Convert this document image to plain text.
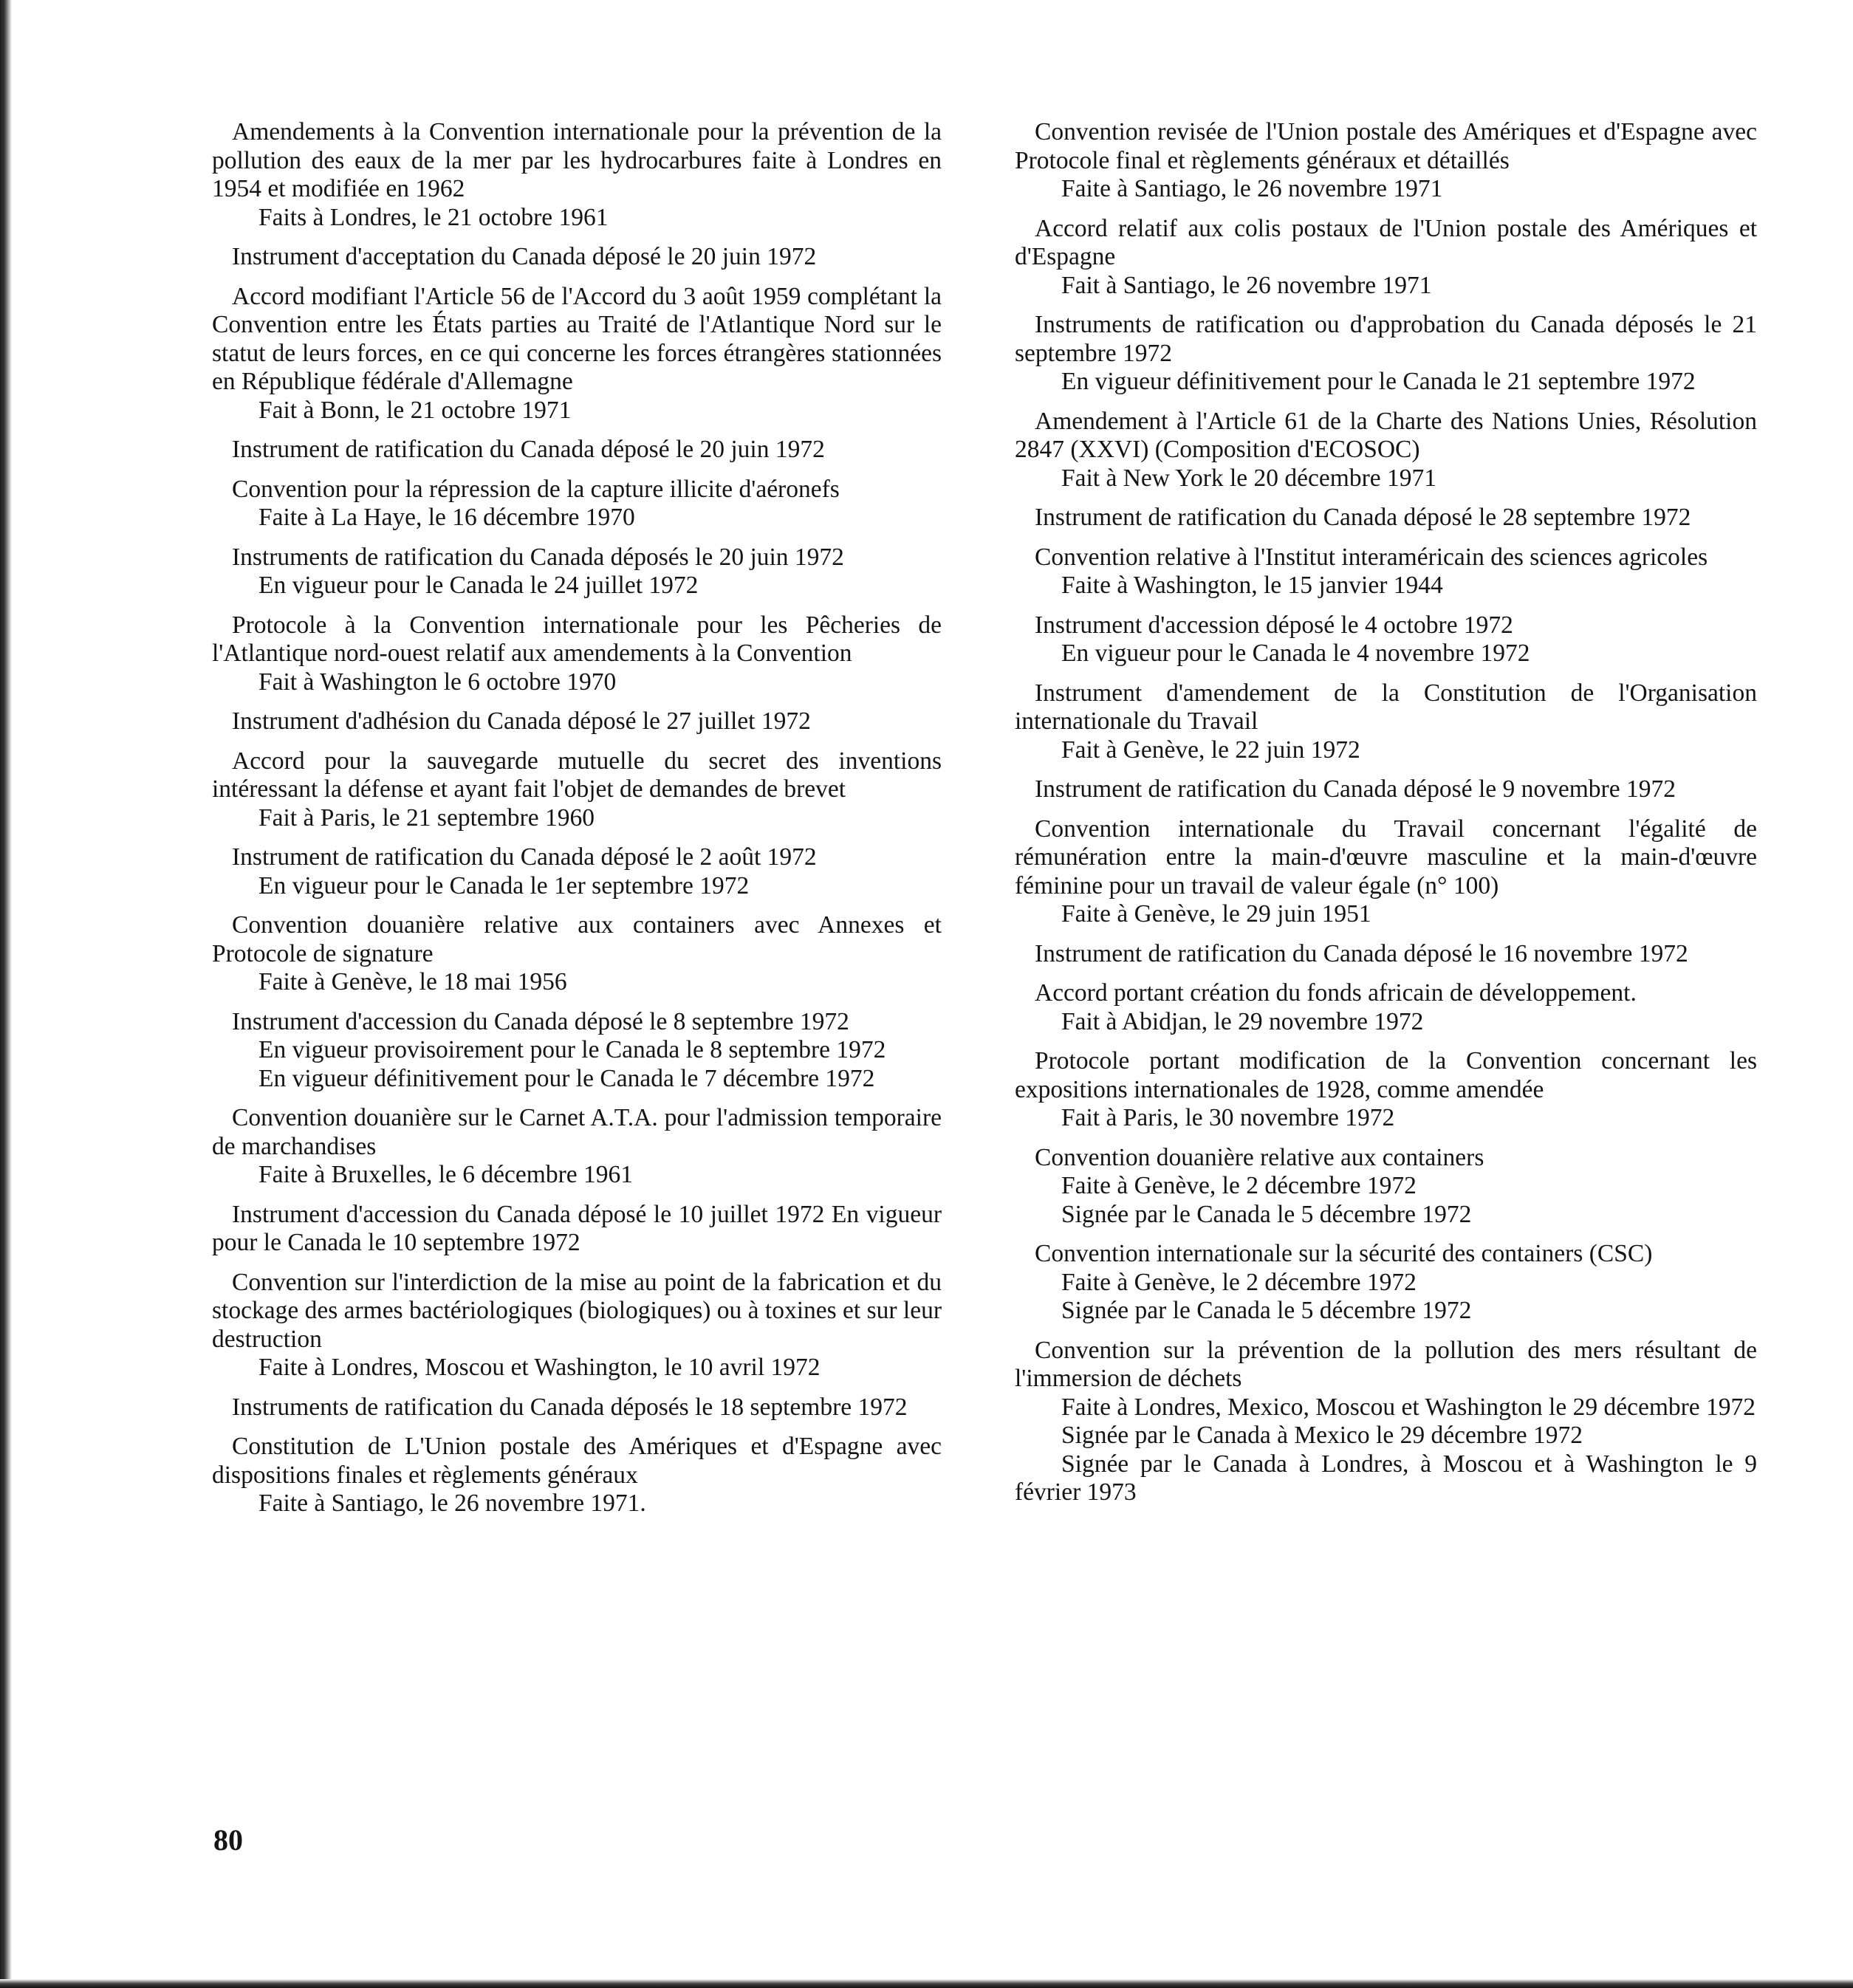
Amendements à la Convention internationale pour la prévention de la pollution des eaux de la mer par les hydrocarbures faite à Londres en 1954 et modifiée en 1962

Faits à Londres, le 21 octobre 1961

Instrument d'acceptation du Canada déposé le 20 juin 1972

Accord modifiant l'Article 56 de l'Accord du 3 août 1959 complétant la Convention entre les États parties au Traité de l'Atlantique Nord sur le statut de leurs forces, en ce qui concerne les forces étrangères stationnées en République fédérale d'Allemagne

Fait à Bonn, le 21 octobre 1971

Instrument de ratification du Canada déposé le 20 juin 1972

Convention pour la répression de la capture illicite d'aéronefs

Faite à La Haye, le 16 décembre 1970

Instruments de ratification du Canada déposés le 20 juin 1972

En vigueur pour le Canada le 24 juillet 1972

Protocole à la Convention internationale pour les Pêcheries de l'Atlantique nord-ouest relatif aux amendements à la Convention

Fait à Washington le 6 octobre 1970

Instrument d'adhésion du Canada déposé le 27 juillet 1972

Accord pour la sauvegarde mutuelle du secret des inventions intéressant la défense et ayant fait l'objet de demandes de brevet

Fait à Paris, le 21 septembre 1960

Instrument de ratification du Canada déposé le 2 août 1972

En vigueur pour le Canada le 1er septembre 1972

Convention douanière relative aux containers avec Annexes et Protocole de signature

Faite à Genève, le 18 mai 1956

Instrument d'accession du Canada déposé le 8 septembre 1972

En vigueur provisoirement pour le Canada le 8 septembre 1972

En vigueur définitivement pour le Canada le 7 décembre 1972

Convention douanière sur le Carnet A.T.A. pour l'admission temporaire de marchandises

Faite à Bruxelles, le 6 décembre 1961

Instrument d'accession du Canada déposé le 10 juillet 1972 En vigueur pour le Canada le 10 septembre 1972

Convention sur l'interdiction de la mise au point de la fabrication et du stockage des armes bactériologiques (biologiques) ou à toxines et sur leur destruction

Faite à Londres, Moscou et Washington, le 10 avril 1972

Instruments de ratification du Canada déposés le 18 septembre 1972

Constitution de L'Union postale des Amériques et d'Espagne avec dispositions finales et règlements généraux

Faite à Santiago, le 26 novembre 1971.

Convention revisée de l'Union postale des Amériques et d'Espagne avec Protocole final et règlements généraux et détaillés

Faite à Santiago, le 26 novembre 1971

Accord relatif aux colis postaux de l'Union postale des Amériques et d'Espagne

Fait à Santiago, le 26 novembre 1971

Instruments de ratification ou d'approbation du Canada déposés le 21 septembre 1972

En vigueur définitivement pour le Canada le 21 septembre 1972

Amendement à l'Article 61 de la Charte des Nations Unies, Résolution 2847 (XXVI) (Composition d'ECOSOC)

Fait à New York le 20 décembre 1971

Instrument de ratification du Canada déposé le 28 septembre 1972

Convention relative à l'Institut interaméricain des sciences agricoles

Faite à Washington, le 15 janvier 1944

Instrument d'accession déposé le 4 octobre 1972

En vigueur pour le Canada le 4 novembre 1972

Instrument d'amendement de la Constitution de l'Organisation internationale du Travail

Fait à Genève, le 22 juin 1972

Instrument de ratification du Canada déposé le 9 novembre 1972

Convention internationale du Travail concernant l'égalité de rémunération entre la main-d'œuvre masculine et la main-d'œuvre féminine pour un travail de valeur égale (n° 100)

Faite à Genève, le 29 juin 1951

Instrument de ratification du Canada déposé le 16 novembre 1972

Accord portant création du fonds africain de développement.

Fait à Abidjan, le 29 novembre 1972

Protocole portant modification de la Convention concernant les expositions internationales de 1928, comme amendée

Fait à Paris, le 30 novembre 1972

Convention douanière relative aux containers

Faite à Genève, le 2 décembre 1972

Signée par le Canada le 5 décembre 1972

Convention internationale sur la sécurité des containers (CSC)

Faite à Genève, le 2 décembre 1972

Signée par le Canada le 5 décembre 1972

Convention sur la prévention de la pollution des mers résultant de l'immersion de déchets

Faite à Londres, Mexico, Moscou et Washington le 29 décembre 1972

Signée par le Canada à Mexico le 29 décembre 1972

Signée par le Canada à Londres, à Moscou et à Washington le 9 février 1973

80
